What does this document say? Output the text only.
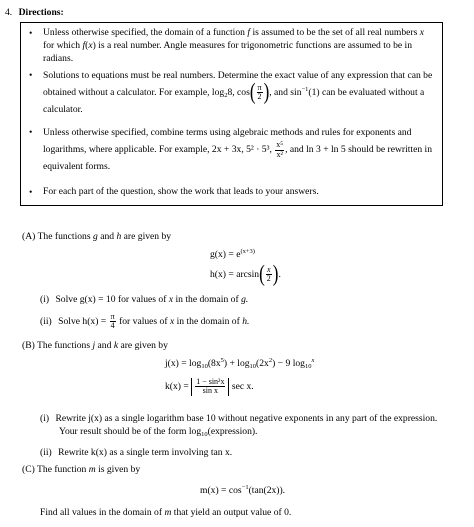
4. Directions:
•	Unless otherwise specified, the domain of a function f is assumed to be the set of all real numbers x
for which f(x) is a real number. Angle measures for trigonometric functions are assumed to be in radians.
•	Solutions to equations must be real numbers. Determine the exact value of any expression that can be obtained without a calculator. For example, $\log_28$, $\cos( \frac{\pi}{2}$ ), and $\sin^{-1}(1)$ can be evaluated without a
calculator.
•	Unless otherwise specified, combine terms using algebraic methods and rules for exponents and
logarithms, where applicable. For example, 2x + 3x, 5² · 5³, $\frac{\text{x⁵}}{\text{x²}}$ , and ln 3 + ln 5 should be rewritten in
equivalent forms.
•	For each part of the question, show the work that leads to your answers.
(A) The functions g and h are given by
$g(x) = e^{(x+3)}$
$h(x) = \arcsin( \frac{x}{2}$ ).
(i) Solve g(x) = 10 for values of x in the domain of g.
(ii) Solve $h(x) = \frac{\pi}{4}$ for values of x in the domain of h.
(B) The functions j and k are given by
$j(x) = \log_{10}(8x^5) + \log_{10}(2x^2) - 9$ $\log_{10}^x$
$k(x) = \frac{\text{1 − sin²x}}{\text{sin x}}$ sec x.
(i) Rewrite j(x) as a single logarithm base 10 without negative exponents in any part of the expression.
Your result should be of the form $\log_{10}(expression)$.
(ii) Rewrite k(x) as a single term involving tan x.
(C) The function m is given by
$m(x) = \cos^{-1}(\tan(2x))$.
Find all values in the domain of m that yield an output value of 0.
